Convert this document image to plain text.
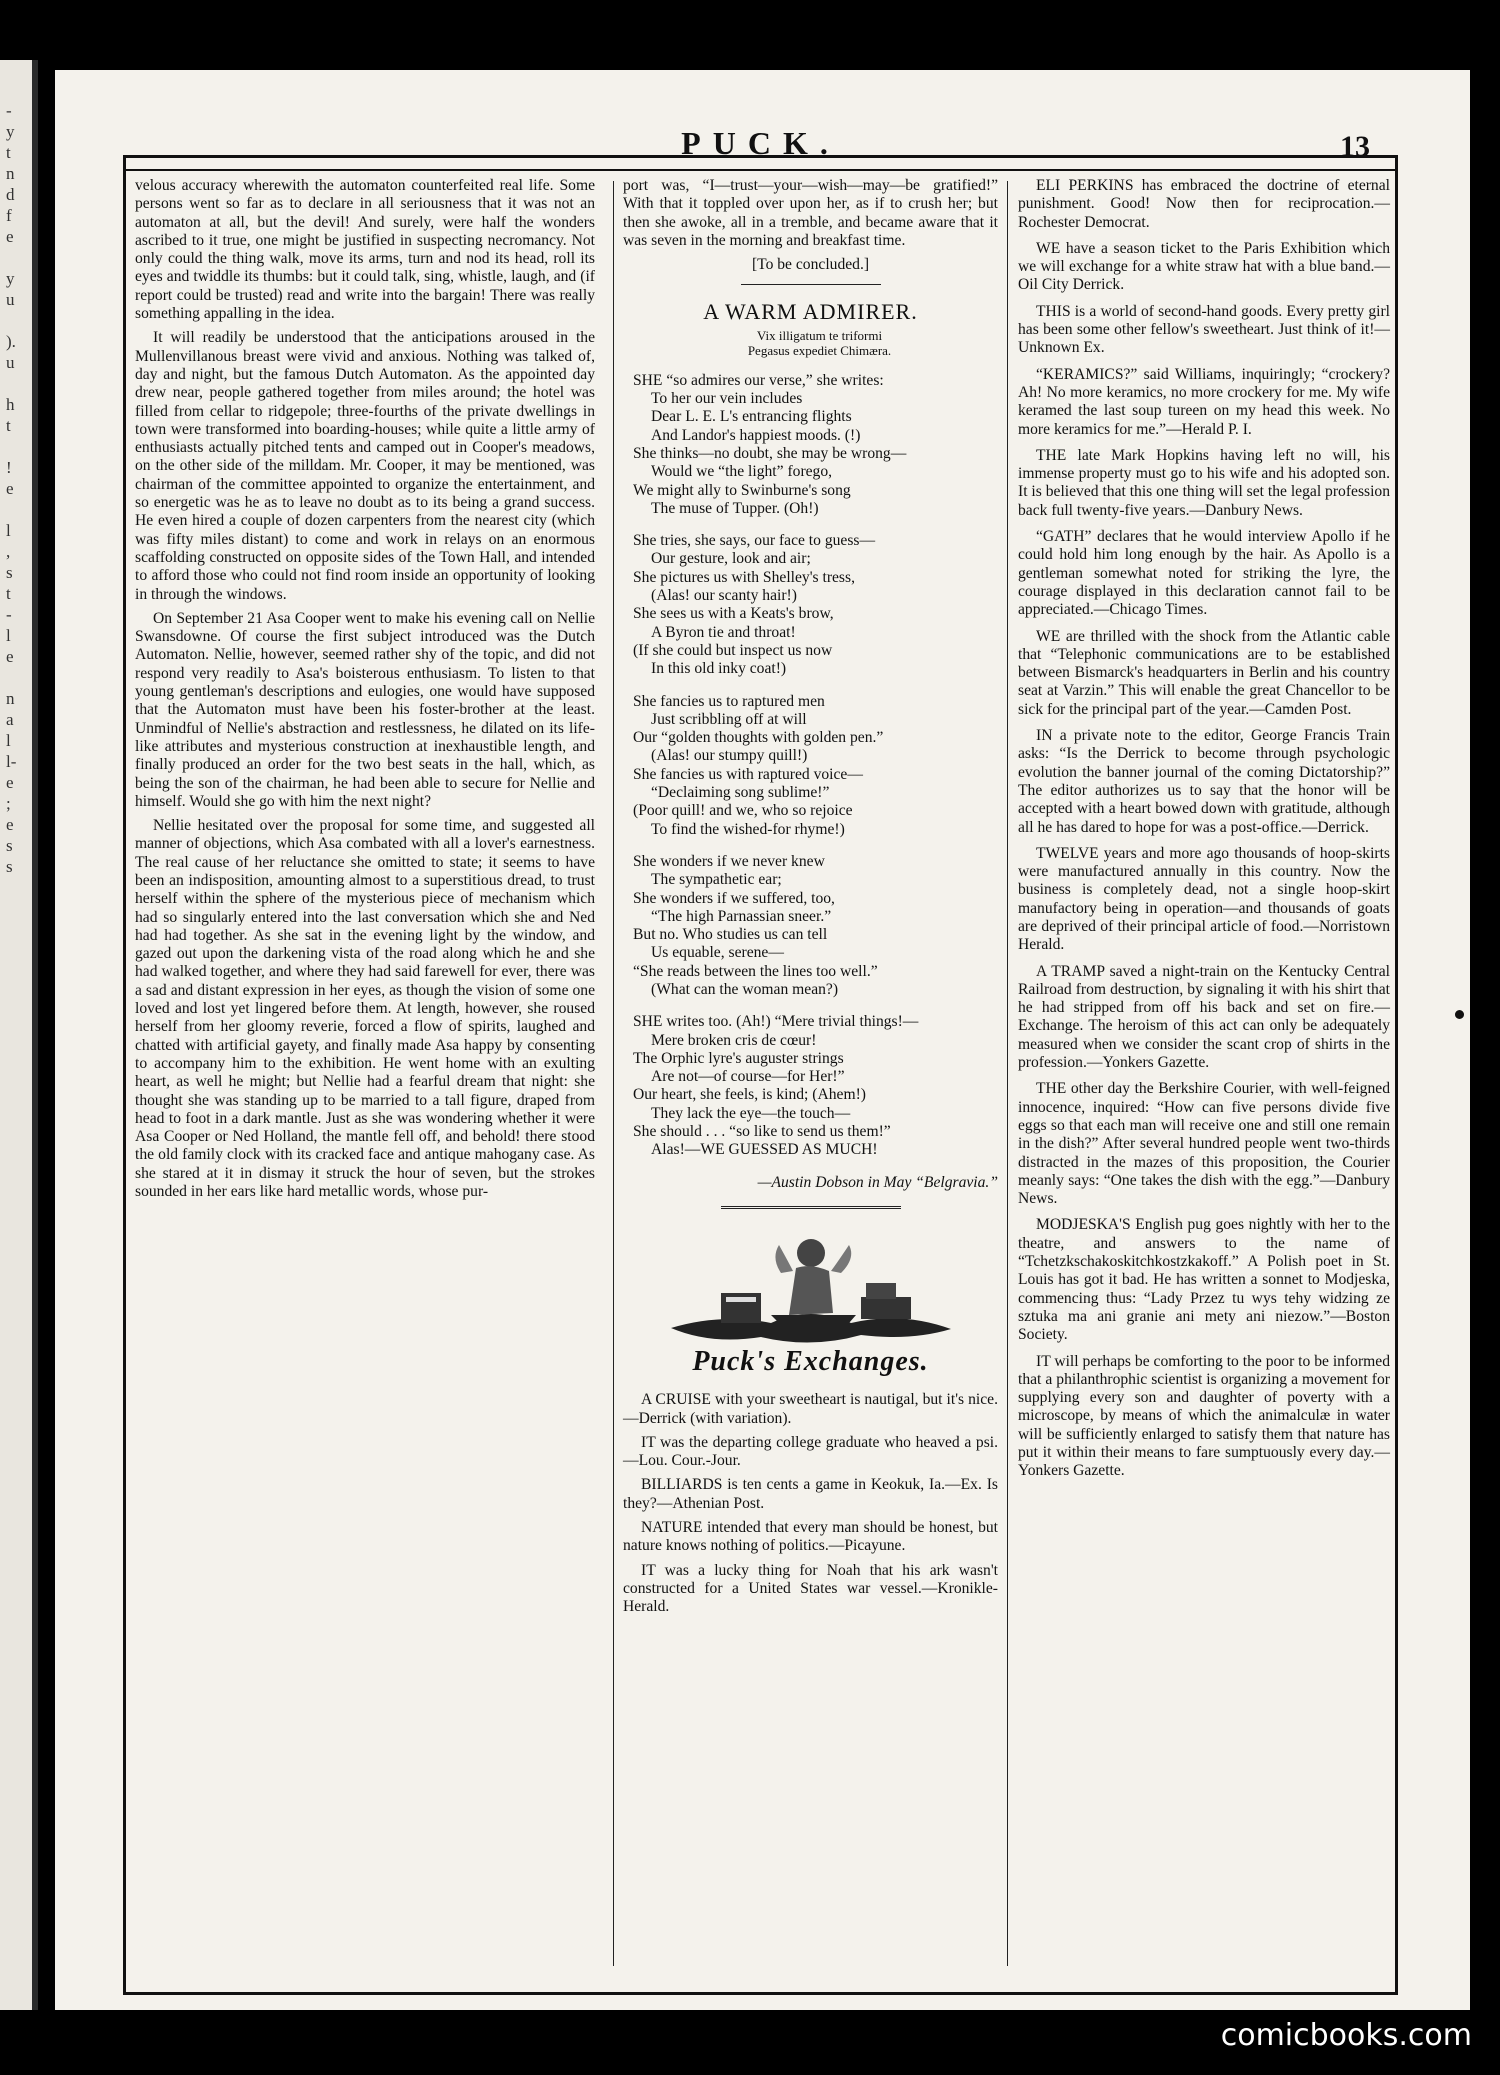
-
y
t
n
d
f
e

y
u

).
u

h
t

!
e

l
,
s
t
-
l
e

n
a
l
l-
e
;
e
s
s
PUCK.	13

velous accuracy wherewith the automaton counterfeited real life. Some persons went so far as to declare in all seriousness that it was not an automaton at all, but the devil! And surely, were half the wonders ascribed to it true, one might be justified in suspecting necromancy. Not only could the thing walk, move its arms, turn and nod its head, roll its eyes and twiddle its thumbs: but it could talk, sing, whistle, laugh, and (if report could be trusted) read and write into the bargain! There was really something appalling in the idea.

It will readily be understood that the anticipations aroused in the Mullenvillanous breast were vivid and anxious. Nothing was talked of, day and night, but the famous Dutch Automaton. As the appointed day drew near, people gathered together from miles around; the hotel was filled from cellar to ridgepole; three-fourths of the private dwellings in town were transformed into boarding-houses; while quite a little army of enthusiasts actually pitched tents and camped out in Cooper's meadows, on the other side of the milldam. Mr. Cooper, it may be mentioned, was chairman of the committee appointed to organize the entertainment, and so energetic was he as to leave no doubt as to its being a grand success. He even hired a couple of dozen carpenters from the nearest city (which was fifty miles distant) to come and work in relays on an enormous scaffolding constructed on opposite sides of the Town Hall, and intended to afford those who could not find room inside an opportunity of looking in through the windows.

On September 21 Asa Cooper went to make his evening call on Nellie Swansdowne. Of course the first subject introduced was the Dutch Automaton. Nellie, however, seemed rather shy of the topic, and did not respond very readily to Asa's boisterous enthusiasm. To listen to that young gentleman's descriptions and eulogies, one would have supposed that the Automaton must have been his foster-brother at the least. Unmindful of Nellie's abstraction and restlessness, he dilated on its life-like attributes and mysterious construction at inexhaustible length, and finally produced an order for the two best seats in the hall, which, as being the son of the chairman, he had been able to secure for Nellie and himself. Would she go with him the next night?

Nellie hesitated over the proposal for some time, and suggested all manner of objections, which Asa combated with all a lover's earnestness. The real cause of her reluctance she omitted to state; it seems to have been an indisposition, amounting almost to a superstitious dread, to trust herself within the sphere of the mysterious piece of mechanism which had so singularly entered into the last conversation which she and Ned had had together. As she sat in the evening light by the window, and gazed out upon the darkening vista of the road along which he and she had walked together, and where they had said farewell for ever, there was a sad and distant expression in her eyes, as though the vision of some one loved and lost yet lingered before them. At length, however, she roused herself from her gloomy reverie, forced a flow of spirits, laughed and chatted with artificial gayety, and finally made Asa happy by consenting to accompany him to the exhibition. He went home with an exulting heart, as well he might; but Nellie had a fearful dream that night: she thought she was standing up to be married to a tall figure, draped from head to foot in a dark mantle. Just as she was wondering whether it were Asa Cooper or Ned Holland, the mantle fell off, and behold! there stood the old family clock with its cracked face and antique mahogany case. As she stared at it in dismay it struck the hour of seven, but the strokes sounded in her ears like hard metallic words, whose pur-

port was, “I—trust—your—wish—may—be gratified!” With that it toppled over upon her, as if to crush her; but then she awoke, all in a tremble, and became aware that it was seven in the morning and breakfast time.

[To be concluded.]

A WARM ADMIRER.

Vix illigatum te triformi

Pegasus expediet Chimæra.

SHE “so admires our verse,” she writes:
To her our vein includes
Dear L. E. L's entrancing flights
And Landor's happiest moods. (!)
She thinks—no doubt, she may be wrong—
Would we “the light” forego,
We might ally to Swinburne's song
The muse of Tupper. (Oh!)
She tries, she says, our face to guess—
Our gesture, look and air;
She pictures us with Shelley's tress,
(Alas! our scanty hair!)
She sees us with a Keats's brow,
A Byron tie and throat!
(If she could but inspect us now
In this old inky coat!)
She fancies us to raptured men
Just scribbling off at will
Our “golden thoughts with golden pen.”
(Alas! our stumpy quill!)
She fancies us with raptured voice—
“Declaiming song sublime!”
(Poor quill! and we, who so rejoice
To find the wished-for rhyme!)
She wonders if we never knew
The sympathetic ear;
She wonders if we suffered, too,
“The high Parnassian sneer.”
But no. Who studies us can tell
Us equable, serene—
“She reads between the lines too well.”
(What can the woman mean?)
SHE writes too. (Ah!) “Mere trivial things!—
Mere broken cris de cœur!
The Orphic lyre's auguster strings
Are not—of course—for Her!”
Our heart, she feels, is kind; (Ahem!)
They lack the eye—the touch—
She should . . . “so like to send us them!”
Alas!—WE GUESSED AS MUCH!
—Austin Dobson in May “Belgravia.”
Puck's Exchanges.

A CRUISE with your sweetheart is nautigal, but it's nice.—Derrick (with variation).

IT was the departing college graduate who heaved a psi.—Lou. Cour.-Jour.

BILLIARDS is ten cents a game in Keokuk, Ia.—Ex. Is they?—Athenian Post.

NATURE intended that every man should be honest, but nature knows nothing of politics.—Picayune.

IT was a lucky thing for Noah that his ark wasn't constructed for a United States war vessel.—Kronikle-Herald.

ELI PERKINS has embraced the doctrine of eternal punishment. Good! Now then for reciprocation.—Rochester Democrat.

WE have a season ticket to the Paris Exhibition which we will exchange for a white straw hat with a blue band.—Oil City Derrick.

THIS is a world of second-hand goods. Every pretty girl has been some other fellow's sweetheart. Just think of it!—Unknown Ex.

“KERAMICS?” said Williams, inquiringly; “crockery? Ah! No more keramics, no more crockery for me. My wife keramed the last soup tureen on my head this week. No more keramics for me.”—Herald P. I.

THE late Mark Hopkins having left no will, his immense property must go to his wife and his adopted son. It is believed that this one thing will set the legal profession back full twenty-five years.—Danbury News.

“GATH” declares that he would interview Apollo if he could hold him long enough by the hair. As Apollo is a gentleman somewhat noted for striking the lyre, the courage displayed in this declaration cannot fail to be appreciated.—Chicago Times.

WE are thrilled with the shock from the Atlantic cable that “Telephonic communications are to be established between Bismarck's headquarters in Berlin and his country seat at Varzin.” This will enable the great Chancellor to be sick for the principal part of the year.—Camden Post.

IN a private note to the editor, George Francis Train asks: “Is the Derrick to become through psychologic evolution the banner journal of the coming Dictatorship?” The editor authorizes us to say that the honor will be accepted with a heart bowed down with gratitude, although all he has dared to hope for was a post-office.—Derrick.

TWELVE years and more ago thousands of hoop-skirts were manufactured annually in this country. Now the business is completely dead, not a single hoop-skirt manufactory being in operation—and thousands of goats are deprived of their principal article of food.—Norristown Herald.

A TRAMP saved a night-train on the Kentucky Central Railroad from destruction, by signaling it with his shirt that he had stripped from off his back and set on fire.—Exchange. The heroism of this act can only be adequately measured when we consider the scant crop of shirts in the profession.—Yonkers Gazette.

THE other day the Berkshire Courier, with well-feigned innocence, inquired: “How can five persons divide five eggs so that each man will receive one and still one remain in the dish?” After several hundred people went two-thirds distracted in the mazes of this proposition, the Courier meanly says: “One takes the dish with the egg.”—Danbury News.

MODJESKA'S English pug goes nightly with her to the theatre, and answers to the name of “Tchetzkschakoskitchkostzkakoff.” A Polish poet in St. Louis has got it bad. He has written a sonnet to Modjeska, commencing thus: “Lady Przez tu wys tehy widzing ze sztuka ma ani granie ani mety ani niezow.”—Boston Society.

IT will perhaps be comforting to the poor to be informed that a philanthrophic scientist is organizing a movement for supplying every son and daughter of poverty with a microscope, by means of which the animalculæ in water will be sufficiently enlarged to satisfy them that nature has put it within their means to fare sumptuously every day.—Yonkers Gazette.

comicbooks.com
